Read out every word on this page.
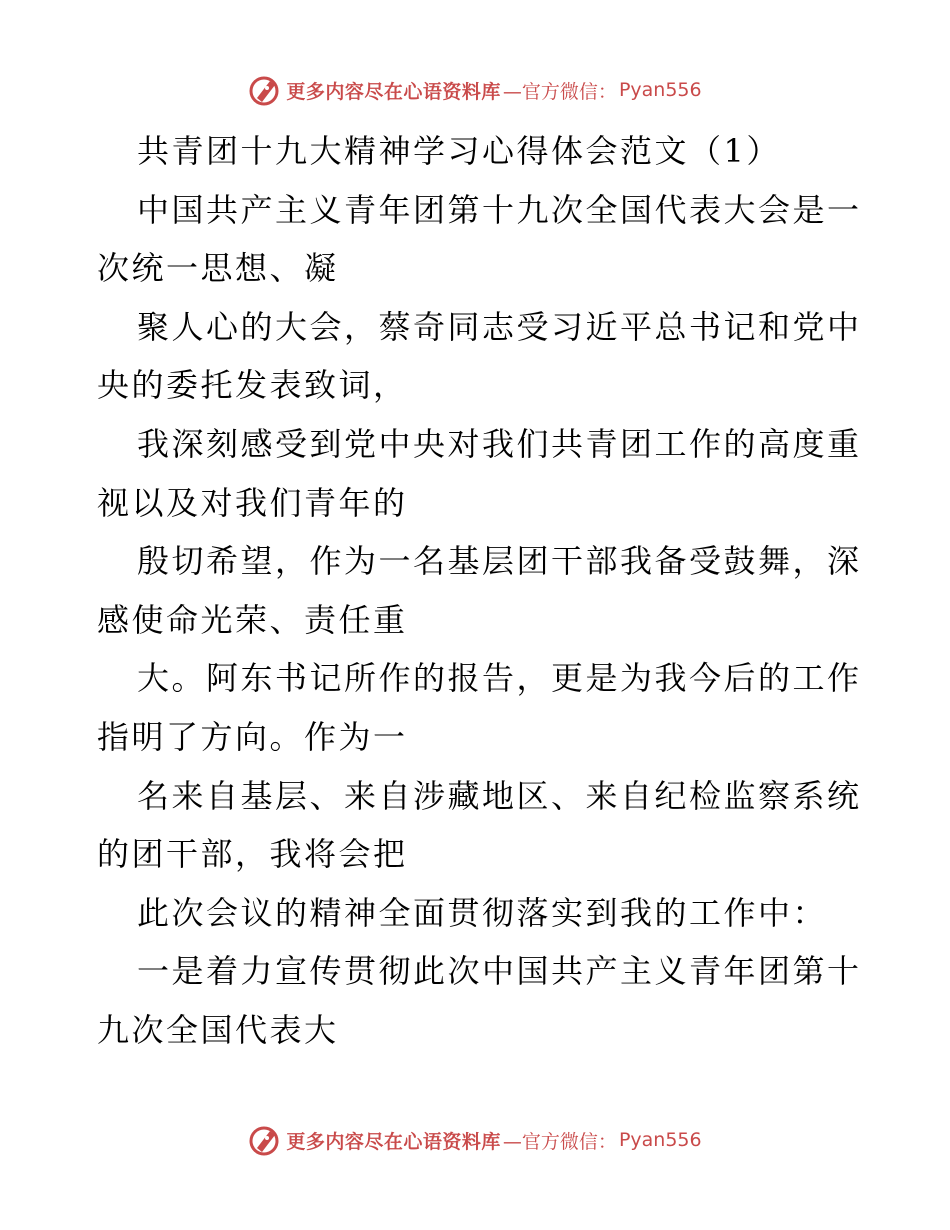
更多内容尽在心语资料库 —官方微信： Pyan556
共青团十九大精神学习心得体会范文（1）
中国共产主义青年团第十九次全国代表大会是一
次统一思想、凝
聚人心的大会，蔡奇同志受习近平总书记和党中
央的委托发表致词，
我深刻感受到党中央对我们共青团工作的高度重
视以及对我们青年的
殷切希望，作为一名基层团干部我备受鼓舞，深
感使命光荣、责任重
大。阿东书记所作的报告，更是为我今后的工作
指明了方向。作为一
名来自基层、来自涉藏地区、来自纪检监察系统
的团干部，我将会把
此次会议的精神全面贯彻落实到我的工作中：
一是着力宣传贯彻此次中国共产主义青年团第十
九次全国代表大
更多内容尽在心语资料库 —官方微信： Pyan556
